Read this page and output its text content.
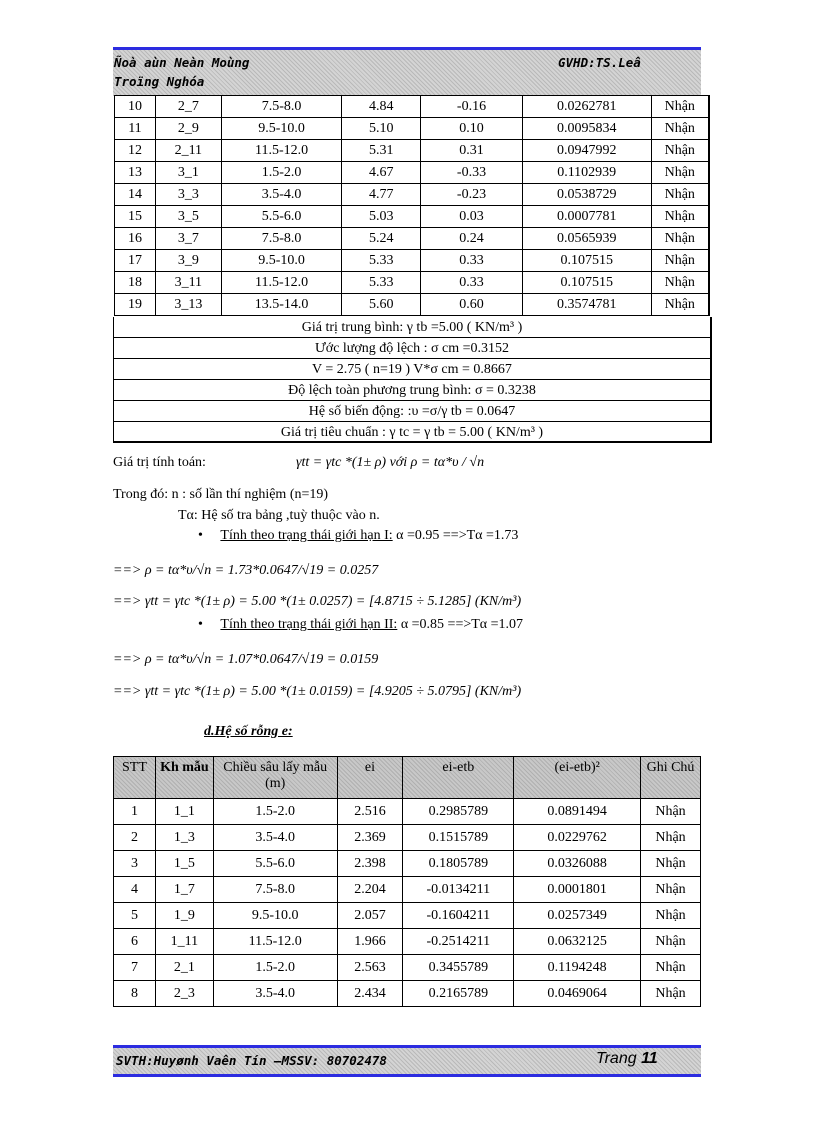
Ñoà aùn Neàn Moùng
Troïng Nghóa
GVHD:TS.Leâ
10	2_7	7.5-8.0	4.84	-0.16	0.0262781	Nhận
11	2_9	9.5-10.0	5.10	0.10	0.0095834	Nhận
12	2_11	11.5-12.0	5.31	0.31	0.0947992	Nhận
13	3_1	1.5-2.0	4.67	-0.33	0.1102939	Nhận
14	3_3	3.5-4.0	4.77	-0.23	0.0538729	Nhận
15	3_5	5.5-6.0	5.03	0.03	0.0007781	Nhận
16	3_7	7.5-8.0	5.24	0.24	0.0565939	Nhận
17	3_9	9.5-10.0	5.33	0.33	0.107515	Nhận
18	3_11	11.5-12.0	5.33	0.33	0.107515	Nhận
19	3_13	13.5-14.0	5.60	0.60	0.3574781	Nhận
Giá trị trung bình: γ tb =5.00 ( KN/m³ )
Ước lượng độ lệch : σ cm =0.3152
V = 2.75 ( n=19 ) V*σ cm = 0.8667
Độ lệch toàn phương trung bình: σ = 0.3238
Hệ số biến động: :υ =σ/γ tb = 0.0647
Giá trị tiêu chuẩn : γ tc = γ tb = 5.00 ( KN/m³ )
Giá trị tính toán:	γtt = γtc *(1± ρ) với ρ = tα*υ / √n
Trong đó: n : số lần thí nghiệm (n=19)
Tα: Hệ số tra bảng ,tuỳ thuộc vào n.
• Tính theo trạng thái giới hạn I: α =0.95 ==>Tα =1.73
==> ρ = tα*υ/√n = 1.73*0.0647/√19 = 0.0257
==> γtt = γtc *(1± ρ) = 5.00 *(1± 0.0257) = [4.8715 ÷ 5.1285] (KN/m³)
• Tính theo trạng thái giới hạn II: α =0.85 ==>Tα =1.07
==> ρ = tα*υ/√n = 1.07*0.0647/√19 = 0.0159
==> γtt = γtc *(1± ρ) = 5.00 *(1± 0.0159) = [4.9205 ÷ 5.0795] (KN/m³)
d.Hệ số rỗng e:
STT	Kh mẫu	Chiều sâu lấy mẫu (m)	ei	ei-etb	(ei-etb)²	Ghi Chú
1	1_1	1.5-2.0	2.516	0.2985789	0.0891494	Nhận
2	1_3	3.5-4.0	2.369	0.1515789	0.0229762	Nhận
3	1_5	5.5-6.0	2.398	0.1805789	0.0326088	Nhận
4	1_7	7.5-8.0	2.204	-0.0134211	0.0001801	Nhận
5	1_9	9.5-10.0	2.057	-0.1604211	0.0257349	Nhận
6	1_11	11.5-12.0	1.966	-0.2514211	0.0632125	Nhận
7	2_1	1.5-2.0	2.563	0.3455789	0.1194248	Nhận
8	2_3	3.5-4.0	2.434	0.2165789	0.0469064	Nhận
SVTH:Huyønh Vaên Tín –MSSV: 80702478	Trang 11
